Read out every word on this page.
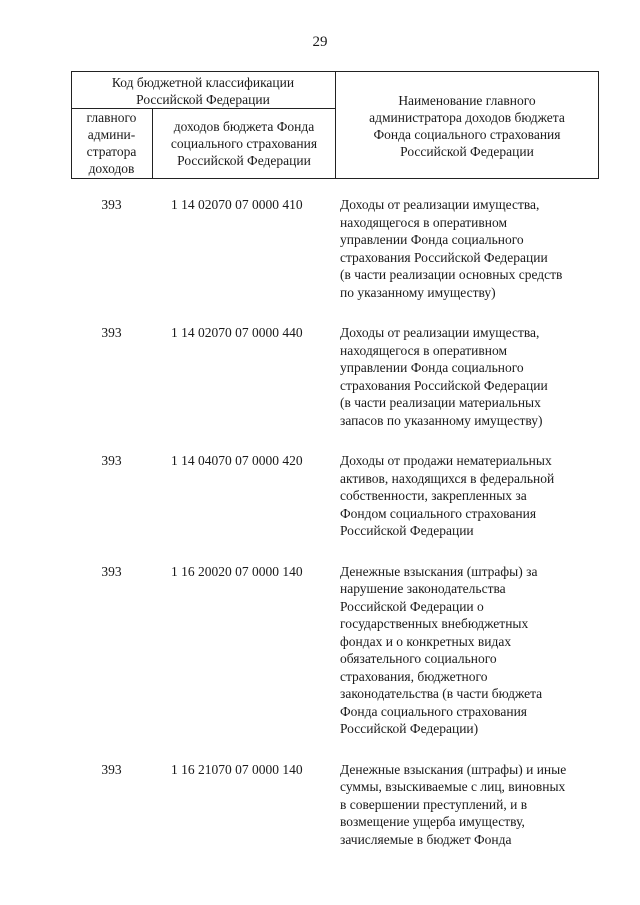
29
Код бюджетной классификации
Российской Федерации
главного
админи-
стратора
доходов
доходов бюджета Фонда
социального страхования
Российской Федерации
Наименование главного
администратора доходов бюджета
Фонда социального страхования
Российской Федерации
393	1 14 02070 07 0000 410	Доходы от реализации имущества,
находящегося в оперативном
управлении Фонда социального
страхования Российской Федерации
(в части реализации основных средств
по указанному имуществу)
393	1 14 02070 07 0000 440	Доходы от реализации имущества,
находящегося в оперативном
управлении Фонда социального
страхования Российской Федерации
(в части реализации материальных
запасов по указанному имуществу)
393	1 14 04070 07 0000 420	Доходы от продажи нематериальных
активов, находящихся в федеральной
собственности, закрепленных за
Фондом социального страхования
Российской Федерации
393	1 16 20020 07 0000 140	Денежные взыскания (штрафы) за
нарушение законодательства
Российской Федерации о
государственных внебюджетных
фондах и о конкретных видах
обязательного социального
страхования, бюджетного
законодательства (в части бюджета
Фонда социального страхования
Российской Федерации)
393	1 16 21070 07 0000 140	Денежные взыскания (штрафы) и иные
суммы, взыскиваемые с лиц, виновных
в совершении преступлений, и в
возмещение ущерба имуществу,
зачисляемые в бюджет Фонда
